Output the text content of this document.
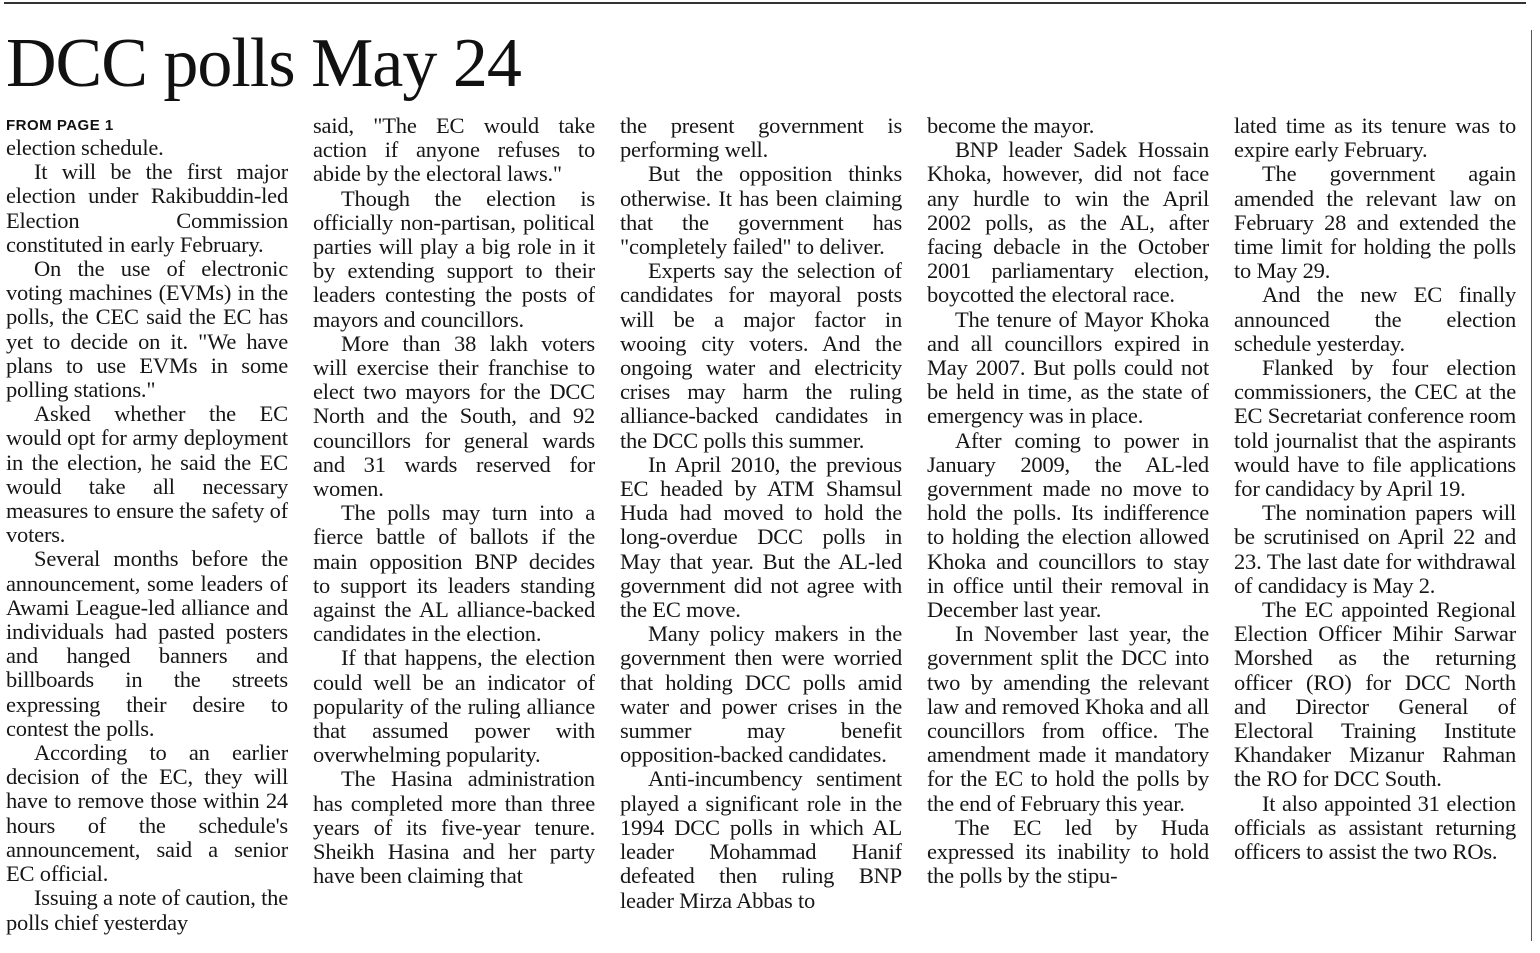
DCC polls May 24
FROM PAGE 1

election schedule.

It will be the first major election under Rakibuddin-led Election Commission constituted in early February.

On the use of electronic voting machines (EVMs) in the polls, the CEC said the EC has yet to decide on it. "We have plans to use EVMs in some polling stations."

Asked whether the EC would opt for army deployment in the election, he said the EC would take all necessary measures to ensure the safety of voters.

Several months before the announcement, some leaders of Awami League-led alliance and individuals had pasted posters and hanged banners and billboards in the streets expressing their desire to contest the polls.

According to an earlier decision of the EC, they will have to remove those within 24 hours of the schedule's announcement, said a senior EC official.

Issuing a note of caution, the polls chief yesterday

said, "The EC would take action if anyone refuses to abide by the electoral laws."

Though the election is officially non-partisan, political parties will play a big role in it by extending support to their leaders contesting the posts of mayors and councillors.

More than 38 lakh voters will exercise their franchise to elect two mayors for the DCC North and the South, and 92 councillors for general wards and 31 wards reserved for women.

The polls may turn into a fierce battle of ballots if the main opposition BNP decides to support its leaders standing against the AL alliance-backed candidates in the election.

If that happens, the election could well be an indicator of popularity of the ruling alliance that assumed power with overwhelming popularity.

The Hasina administration has completed more than three years of its five-year tenure. Sheikh Hasina and her party have been claiming that

the present government is performing well.

But the opposition thinks otherwise. It has been claiming that the government has "completely failed" to deliver.

Experts say the selection of candidates for mayoral posts will be a major factor in wooing city voters. And the ongoing water and electricity crises may harm the ruling alliance-backed candidates in the DCC polls this summer.

In April 2010, the previous EC headed by ATM Shamsul Huda had moved to hold the long-overdue DCC polls in May that year. But the AL-led government did not agree with the EC move.

Many policy makers in the government then were worried that holding DCC polls amid water and power crises in the summer may benefit opposition-backed candidates.

Anti-incumbency sentiment played a significant role in the 1994 DCC polls in which AL leader Mohammad Hanif defeated then ruling BNP leader Mirza Abbas to

become the mayor.

BNP leader Sadek Hossain Khoka, however, did not face any hurdle to win the April 2002 polls, as the AL, after facing debacle in the October 2001 parliamentary election, boycotted the electoral race.

The tenure of Mayor Khoka and all councillors expired in May 2007. But polls could not be held in time, as the state of emergency was in place.

After coming to power in January 2009, the AL-led government made no move to hold the polls. Its indifference to holding the election allowed Khoka and councillors to stay in office until their removal in December last year.

In November last year, the government split the DCC into two by amending the relevant law and removed Khoka and all councillors from office. The amendment made it mandatory for the EC to hold the polls by the end of February this year.

The EC led by Huda expressed its inability to hold the polls by the stipu-

lated time as its tenure was to expire early February.

The government again amended the relevant law on February 28 and extended the time limit for holding the polls to May 29.

And the new EC finally announced the election schedule yesterday.

Flanked by four election commissioners, the CEC at the EC Secretariat conference room told journalist that the aspirants would have to file applications for candidacy by April 19.

The nomination papers will be scrutinised on April 22 and 23. The last date for withdrawal of candidacy is May 2.

The EC appointed Regional Election Officer Mihir Sarwar Morshed as the returning officer (RO) for DCC North and Director General of Electoral Training Institute Khandaker Mizanur Rahman the RO for DCC South.

It also appointed 31 election officials as assistant returning officers to assist the two ROs.
